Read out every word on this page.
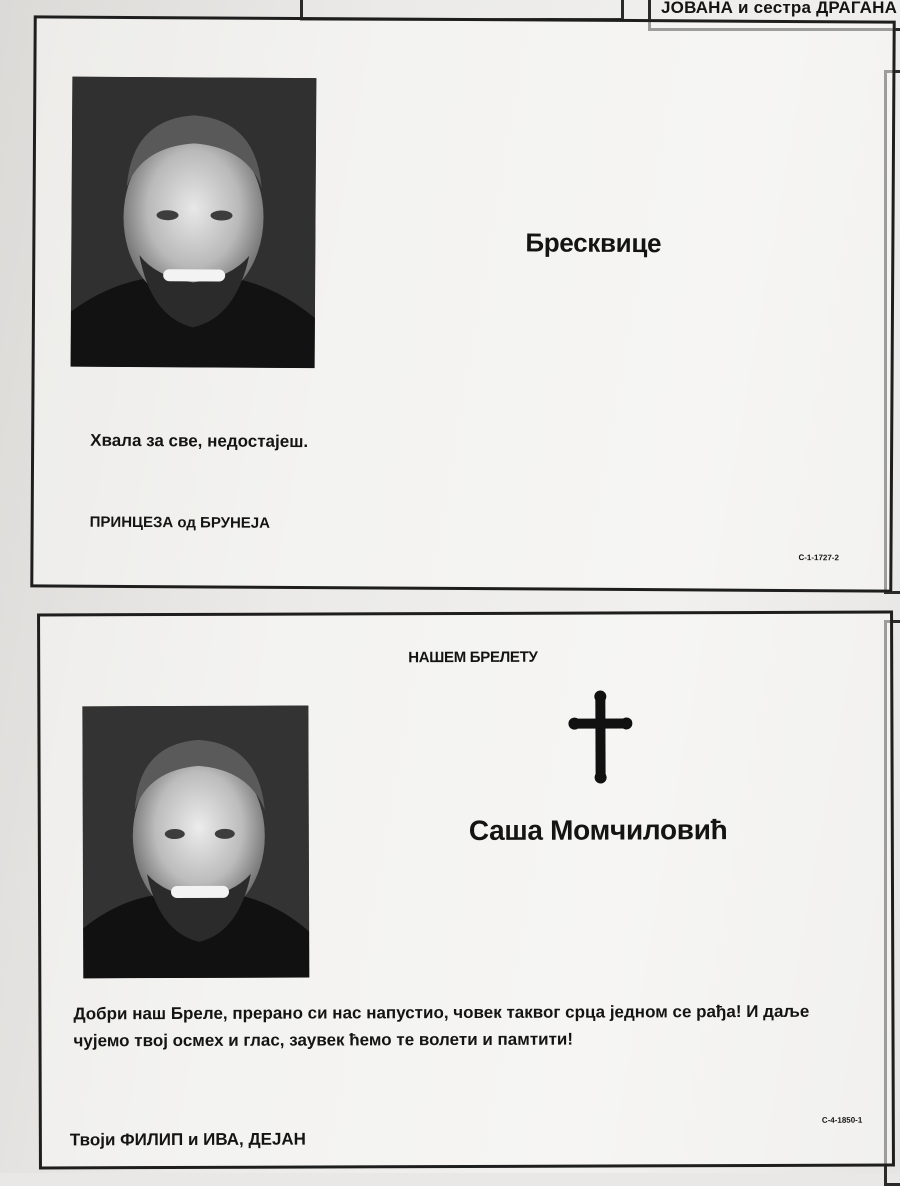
ЈОВАНА и сестра ДРАГАНА
Бресквице
Хвала за све, недостајеш.
ПРИНЦЕЗА од БРУНЕЈА
С-1-1727-2
НАШЕМ БРЕЛЕТУ
Саша Момчиловић
Добри наш Бреле, прерано си нас напустио, човек таквог срца једном се рађа! И даље
чујемо твој осмех и глас, заувек ћемо те волети и памтити!
Твоји ФИЛИП и ИВА, ДЕЈАН
С-4-1850-1
